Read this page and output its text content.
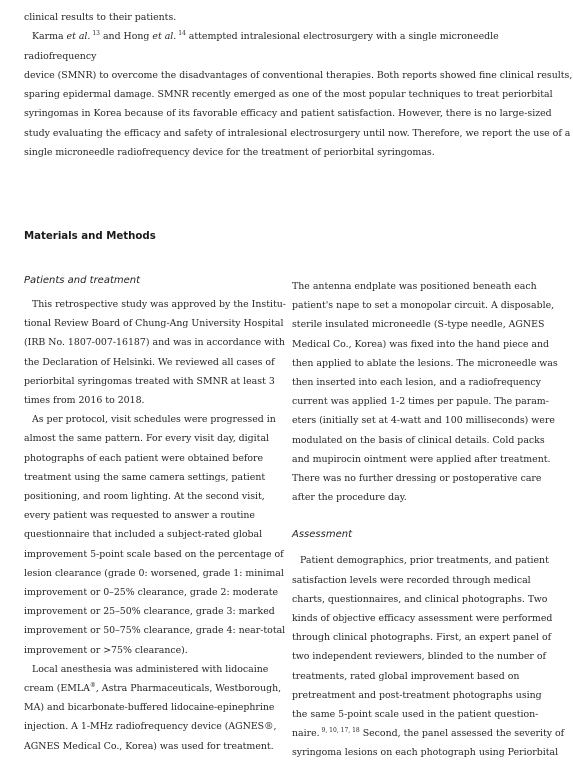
clinical results to their patients.

Karma et al. $^{13}$ and Hong et al. $^{14}$ attempted intralesional electrosurgery with a single microneedle radiofrequency

device (SMNR) to overcome the disadvantages of conventional therapies. Both reports showed fine clinical results,
sparing epidermal damage. SMNR recently emerged as one of the most popular techniques to treat periorbital
syringomas in Korea because of its favorable efficacy and patient satisfaction. However, there is no large-sized
study evaluating the efficacy and safety of intralesional electrosurgery until now. Therefore, we report the use of a
single microneedle radiofrequency device for the treatment of periorbital syringomas.
Materials and Methods
Patients and treatment
This retrospective study was approved by the Institu-
tional Review Board of Chung-Ang University Hospital
(IRB No. 1807-007-16187) and was in accordance with
the Declaration of Helsinki. We reviewed all cases of
periorbital syringomas treated with SMNR at least 3
times from 2016 to 2018.
As per protocol, visit schedules were progressed in
almost the same pattern. For every visit day, digital
photographs of each patient were obtained before
treatment using the same camera settings, patient
positioning, and room lighting. At the second visit,
every patient was requested to answer a routine
questionnaire that included a subject-rated global
improvement 5-point scale based on the percentage of
lesion clearance (grade 0: worsened, grade 1: minimal
improvement or 0–25% clearance, grade 2: moderate
improvement or 25–50% clearance, grade 3: marked
improvement or 50–75% clearance, grade 4: near-total
improvement or >75% clearance).
Local anesthesia was administered with lidocaine
cream (EMLA®, Astra Pharmaceuticals, Westborough,
MA) and bicarbonate-buffered lidocaine-epinephrine
injection. A 1-MHz radiofrequency device (AGNES®,
AGNES Medical Co., Korea) was used for treatment.
The antenna endplate was positioned beneath each
patient's nape to set a monopolar circuit. A disposable,
sterile insulated microneedle (S-type needle, AGNES
Medical Co., Korea) was fixed into the hand piece and
then applied to ablate the lesions. The microneedle was
then inserted into each lesion, and a radiofrequency
current was applied 1-2 times per papule. The param-
eters (initially set at 4-watt and 100 milliseconds) were
modulated on the basis of clinical details. Cold packs
and mupirocin ointment were applied after treatment.
There was no further dressing or postoperative care
after the procedure day.
Assessment
Patient demographics, prior treatments, and patient
satisfaction levels were recorded through medical
charts, questionnaires, and clinical photographs. Two
kinds of objective efficacy assessment were performed
through clinical photographs. First, an expert panel of
two independent reviewers, blinded to the number of
treatments, rated global improvement based on
pretreatment and post-treatment photographs using
the same 5-point scale used in the patient question-
naire. $^{9, 10, 17, 18}$ Second, the panel assessed the severity of
syringoma lesions on each photograph using Periorbital
